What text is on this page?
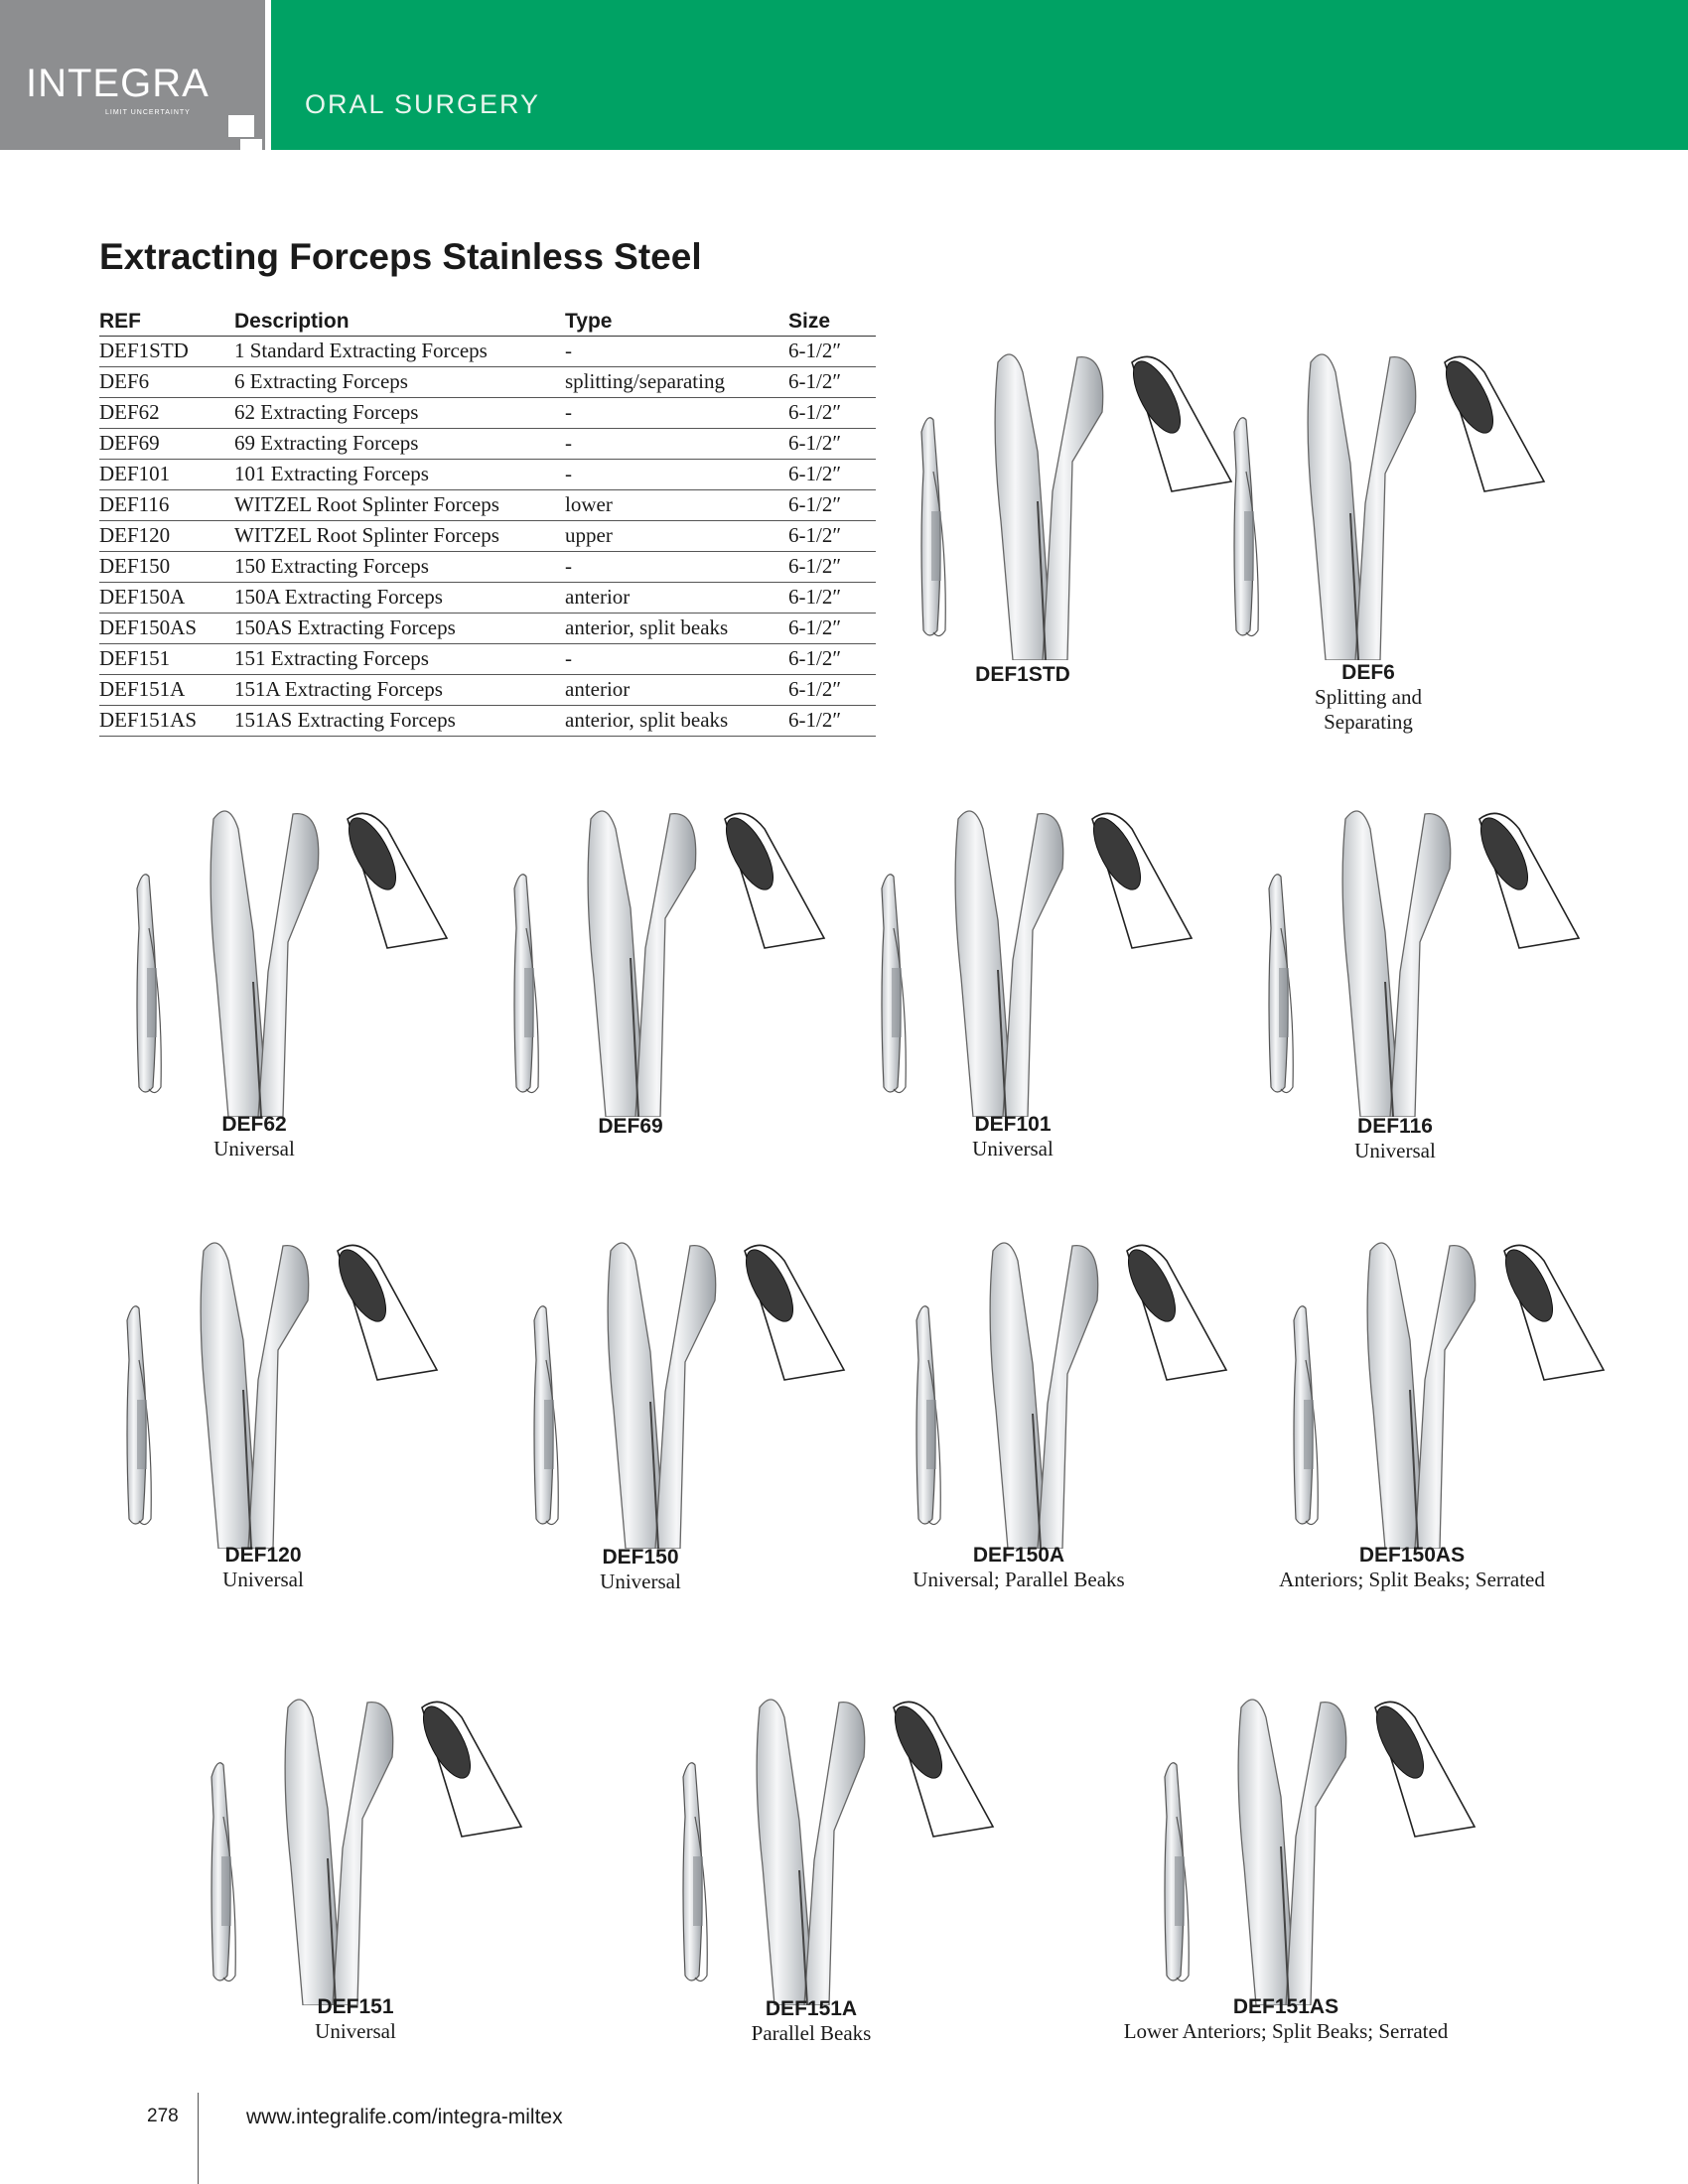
INTEGRA
LIMIT UNCERTAINTY	ORAL SURGERY
Extracting Forceps Stainless Steel
REF	Description	Type	Size
DEF1STD	1 Standard Extracting Forceps	-	6-1/2″
DEF6	6 Extracting Forceps	splitting/separating	6-1/2″
DEF62	62 Extracting Forceps	-	6-1/2″
DEF69	69 Extracting Forceps	-	6-1/2″
DEF101	101 Extracting Forceps	-	6-1/2″
DEF116	WITZEL Root Splinter Forceps	lower	6-1/2″
DEF120	WITZEL Root Splinter Forceps	upper	6-1/2″
DEF150	150 Extracting Forceps	-	6-1/2″
DEF150A	150A Extracting Forceps	anterior	6-1/2″
DEF150AS	150AS Extracting Forceps	anterior, split beaks	6-1/2″
DEF151	151 Extracting Forceps	-	6-1/2″
DEF151A	151A Extracting Forceps	anterior	6-1/2″
DEF151AS	151AS Extracting Forceps	anterior, split beaks	6-1/2″
DEF1STD	DEF6
Splitting and
Separating
DEF62
Universal
DEF69	DEF101
Universal
DEF116
Universal
DEF120
Universal
DEF150
Universal
DEF150A
Universal; Parallel Beaks
DEF150AS
Anteriors; Split Beaks; Serrated
DEF151
Universal
DEF151A
Parallel Beaks
DEF151AS
Lower Anteriors; Split Beaks; Serrated
278	www.integralife.com/integra-miltex
